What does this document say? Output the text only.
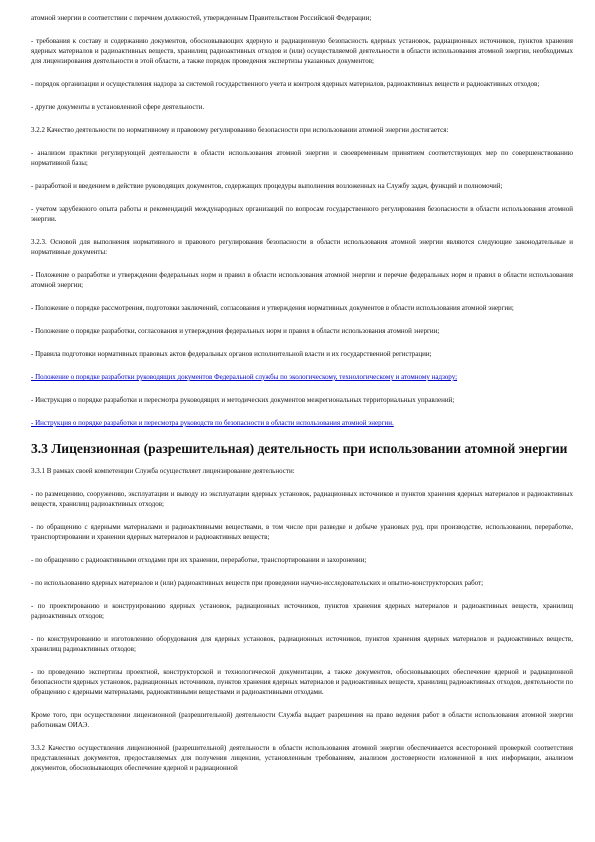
атомной энергии в соответствии с перечнем должностей, утвержденным Правительством Российской Федерации;

- требования к составу и содержанию документов, обосновывающих ядерную и радиационную безопасность ядерных установок, радиационных источников, пунктов хранения ядерных материалов и радиоактивных веществ, хранилищ радиоактивных отходов и (или) осуществляемой деятельности в области использования атомной энергии, необходимых для лицензирования деятельности в этой области, а также порядок проведения экспертизы указанных документов;

- порядок организации и осуществления надзора за системой государственного учета и контроля ядерных материалов, радиоактивных веществ и радиоактивных отходов;

- другие документы в установленной сфере деятельности.

3.2.2 Качество деятельности по нормативному и правовому регулированию безопасности при использовании атомной энергии достигается:

- анализом практики регулирующей деятельности в области использования атомной энергии и своевременным принятием соответствующих мер по совершенствованию нормативной базы;

- разработкой и введением в действие руководящих документов, содержащих процедуры выполнения возложенных на Службу задач, функций и полномочий;

- учетом зарубежного опыта работы и рекомендаций международных организаций по вопросам государственного регулирования безопасности в области использования атомной энергии.

3.2.3. Основой для выполнения нормативного и правового регулирования безопасности в области использования атомной энергии являются следующие законодательные и нормативные документы:

- Положение о разработке и утверждении федеральных норм и правил в области использования атомной энергии и перечне федеральных норм и правил в области использования атомной энергии;

- Положение о порядке рассмотрения, подготовки заключений, согласования и утверждения нормативных документов в области использования атомной энергии;

- Положение о порядке разработки, согласования и утверждения федеральных норм и правил в области использования атомной энергии;

- Правила подготовки нормативных правовых актов федеральных органов исполнительной власти и их государственной регистрации;

- Положение о порядке разработки руководящих документов Федеральной службы по экологическому, технологическому и атомному надзору;

- Инструкция о порядке разработки и пересмотра руководящих и методических документов межрегиональных территориальных управлений;

- Инструкция о порядке разработки и пересмотра руководств по безопасности в области использования атомной энергии.

3.3 Лицензионная (разрешительная) деятельность при использовании атомной энергии

3.3.1 В рамках своей компетенции Служба осуществляет лицензирование деятельности:

- по размещению, сооружению, эксплуатации и выводу из эксплуатации ядерных установок, радиационных источников и пунктов хранения ядерных материалов и радиоактивных веществ, хранилищ радиоактивных отходов;

- по обращению с ядерными материалами и радиоактивными веществами, в том числе при разведке и добыче урановых руд, при производстве, использовании, переработке, транспортировании и хранении ядерных материалов и радиоактивных веществ;

- по обращению с радиоактивными отходами при их хранении, переработке, транспортировании и захоронении;

- по использованию ядерных материалов и (или) радиоактивных веществ при проведении научно-исследовательских и опытно-конструкторских работ;

- по проектированию и конструированию ядерных установок, радиационных источников, пунктов хранения ядерных материалов и радиоактивных веществ, хранилищ радиоактивных отходов;

- по конструированию и изготовлению оборудования для ядерных установок, радиационных источников, пунктов хранения ядерных материалов и радиоактивных веществ, хранилищ радиоактивных отходов;

- по проведению экспертизы проектной, конструкторской и технологической документации, а также документов, обосновывающих обеспечение ядерной и радиационной безопасности ядерных установок, радиационных источников, пунктов хранения ядерных материалов и радиоактивных веществ, хранилищ радиоактивных отходов, деятельности по обращению с ядерными материалами, радиоактивными веществами и радиоактивными отходами.

Кроме того, при осуществлении лицензионной (разрешительной) деятельности Служба выдает разрешения на право ведения работ в области использования атомной энергии работникам ОИАЭ.

3.3.2 Качество осуществления лицензионной (разрешительной) деятельности в области использования атомной энергии обеспечивается всесторонней проверкой соответствия представленных документов, предоставляемых для получения лицензии, установленным требованиям, анализом достоверности изложенной в них информации, анализом документов, обосновывающих обеспечение ядерной и радиационной
